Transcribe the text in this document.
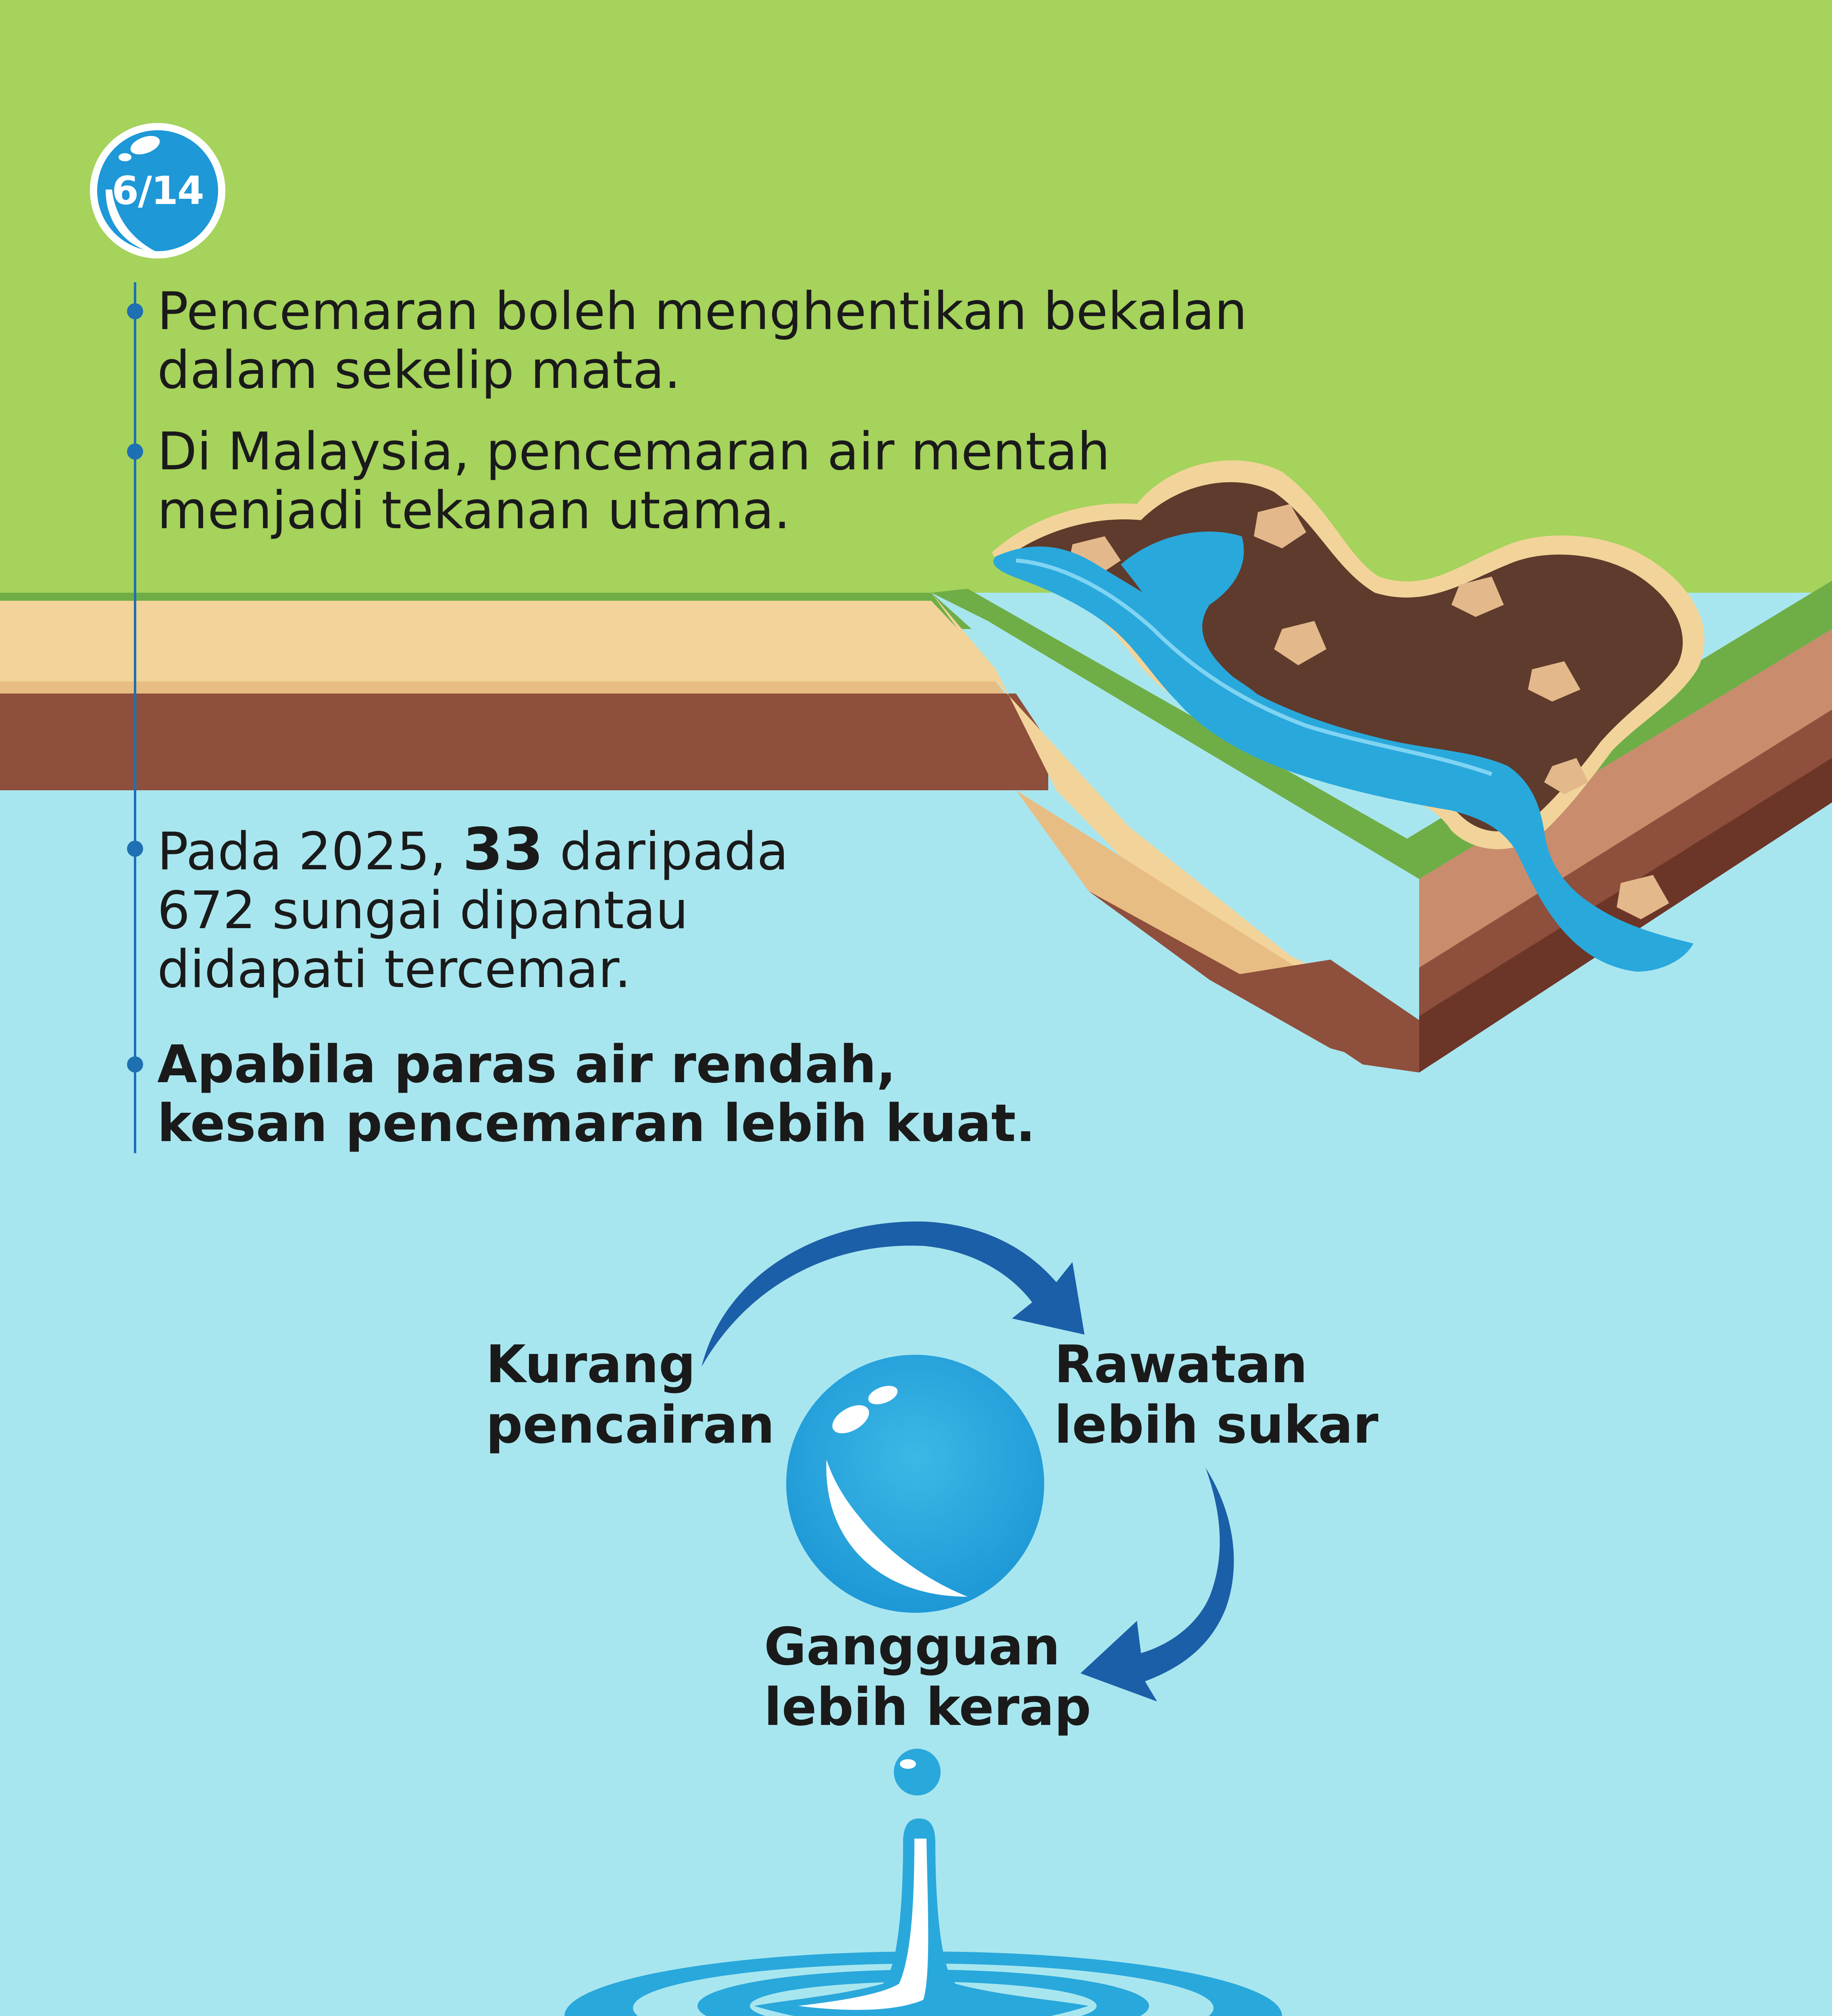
6/14
Pencemaran boleh menghentikan bekalan
dalam sekelip mata.
Di Malaysia, pencemaran air mentah
menjadi tekanan utama.
Pada 2025, 33 daripada
672 sungai dipantau
didapati tercemar.
Apabila paras air rendah,
kesan pencemaran lebih kuat.
Kurang
pencairan
Rawatan
lebih sukar
Gangguan
lebih kerap
